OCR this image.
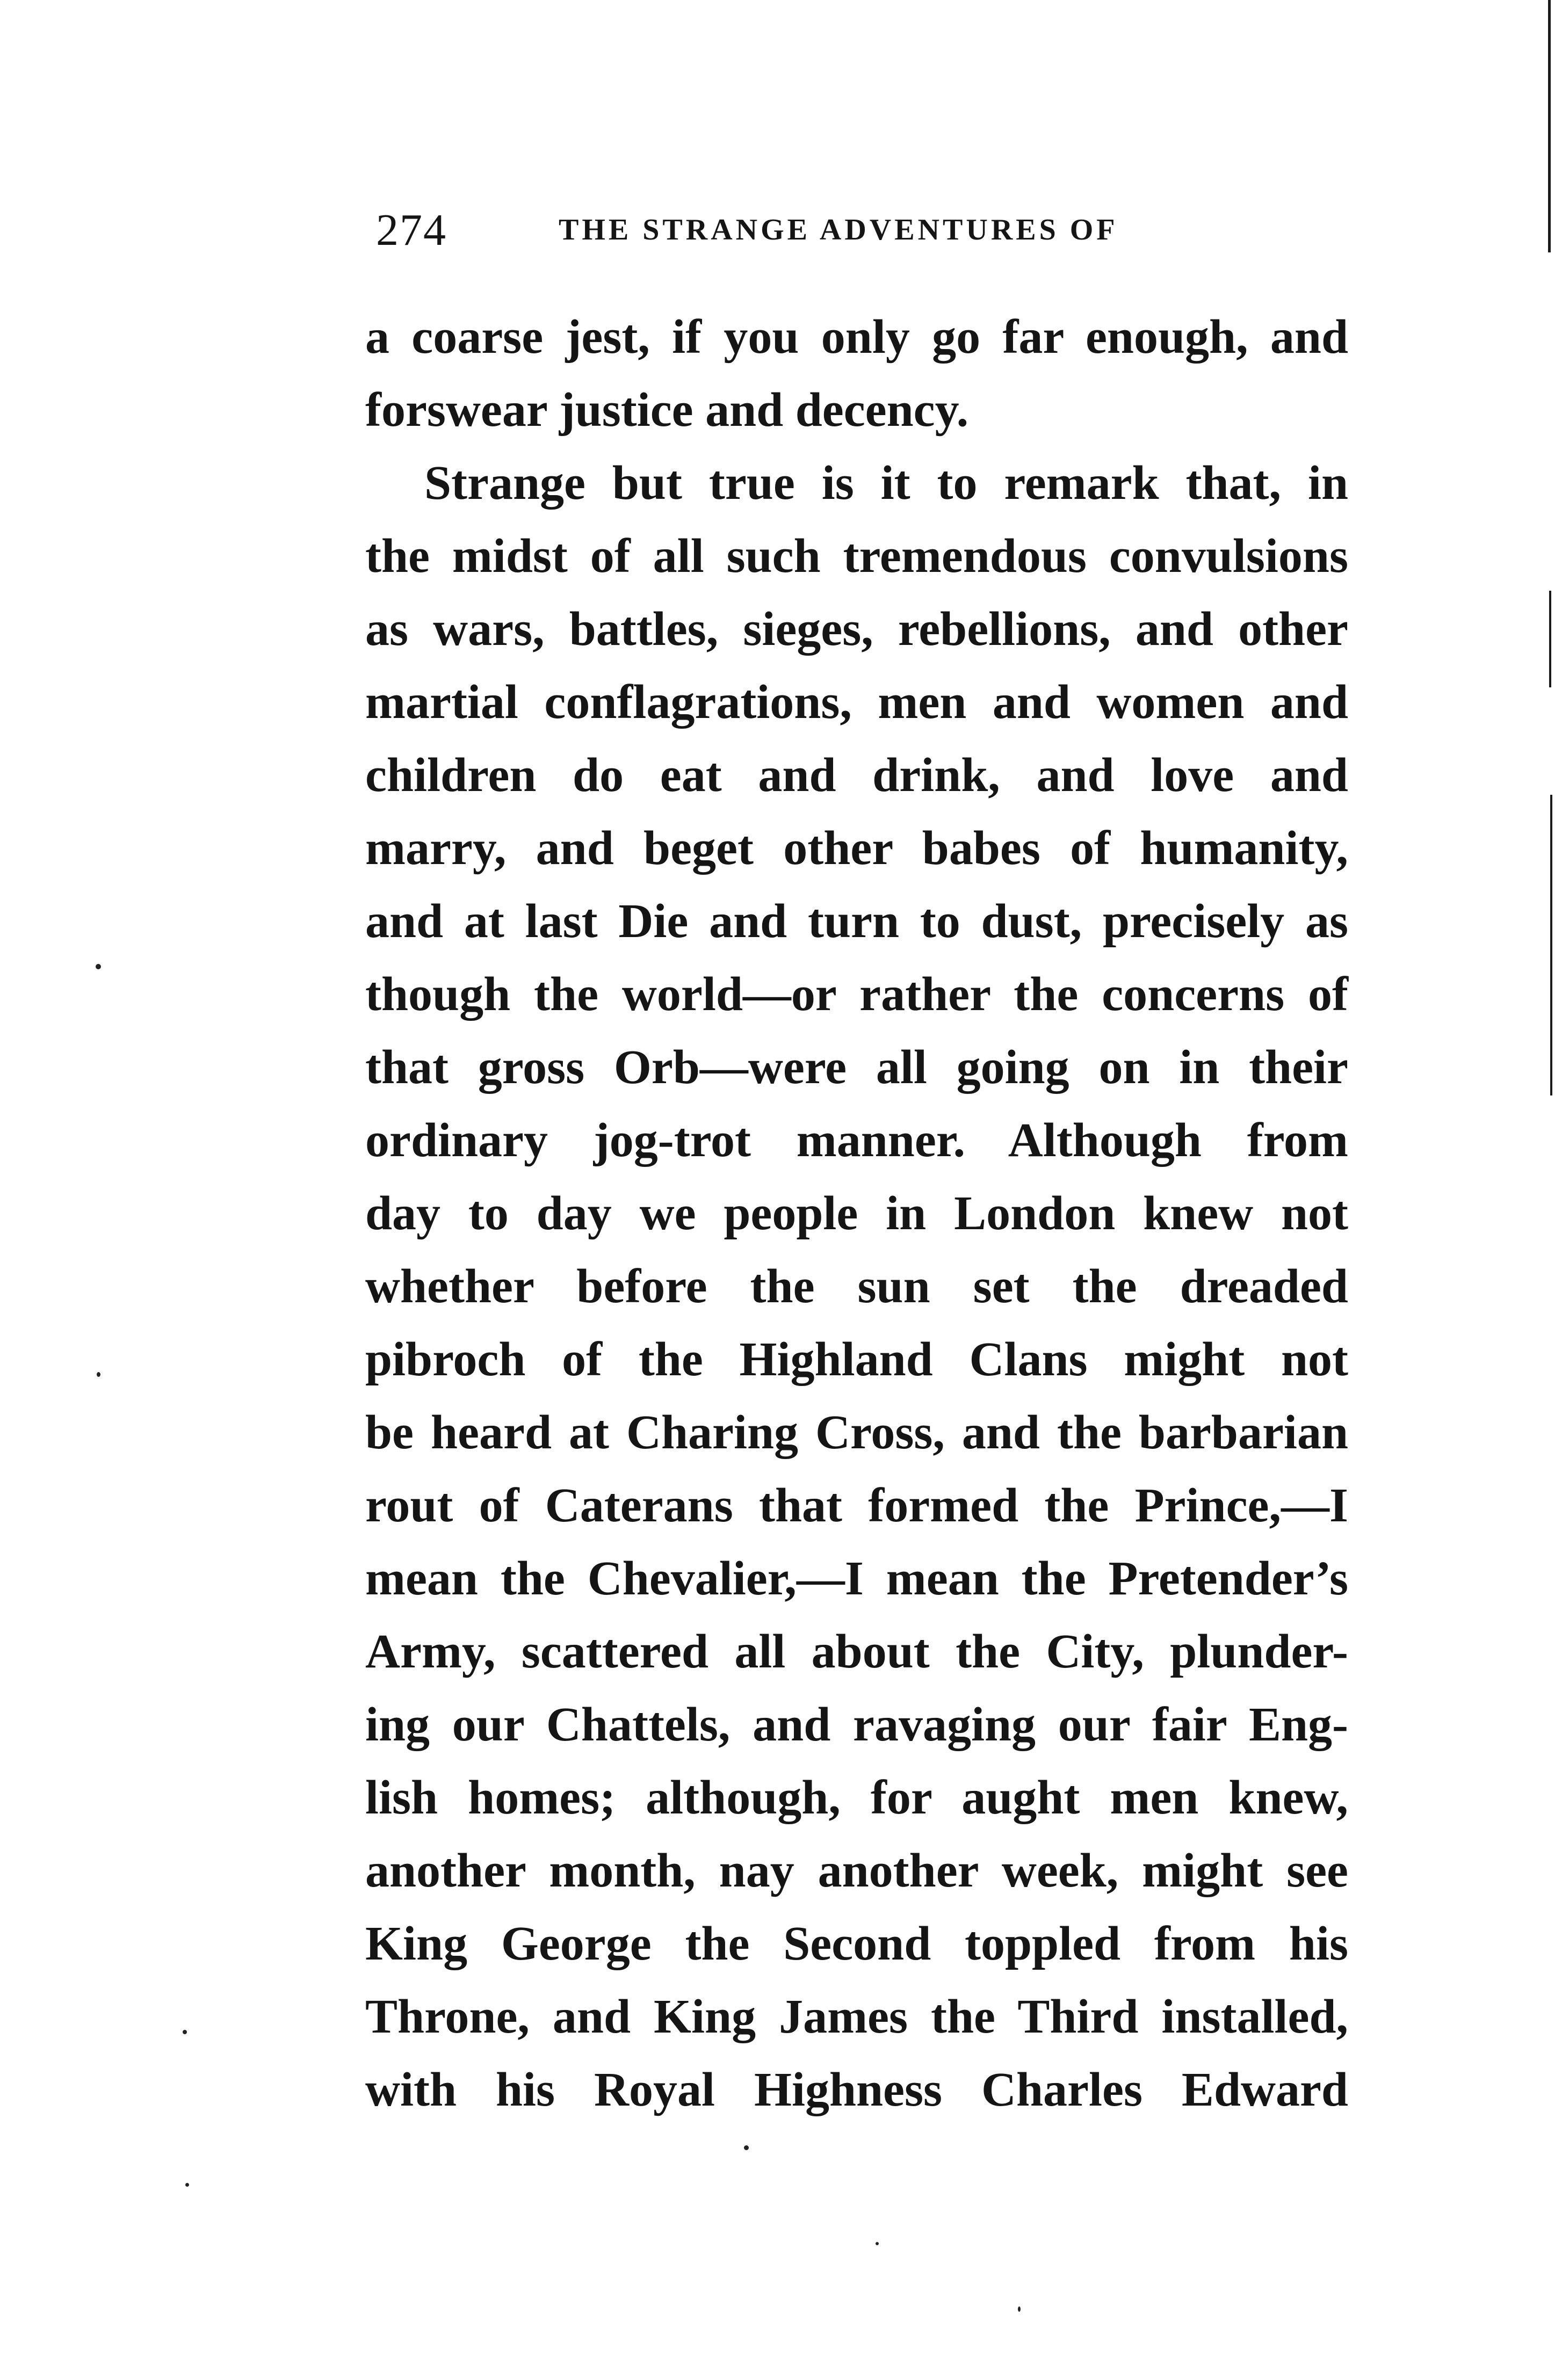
274	THE STRANGE ADVENTURES OF
a coarse jest, if you only go far enough, and
forswear justice and decency.
Strange but true is it to remark that, in
the midst of all such tremendous convulsions
as wars, battles, sieges, rebellions, and other
martial conflagrations, men and women and
children do eat and drink, and love and
marry, and beget other babes of humanity,
and at last Die and turn to dust, precisely as
though the world—or rather the concerns of
that gross Orb—were all going on in their
ordinary jog-trot manner. Although from
day to day we people in London knew not
whether before the sun set the dreaded
pibroch of the Highland Clans might not
be heard at Charing Cross, and the barbarian
rout of Caterans that formed the Prince,—I
mean the Chevalier,—I mean the Pretender’s
Army, scattered all about the City, plunder-
ing our Chattels, and ravaging our fair Eng-
lish homes; although, for aught men knew,
another month, nay another week, might see
King George the Second toppled from his
Throne, and King James the Third installed,
with his Royal Highness Charles Edward
